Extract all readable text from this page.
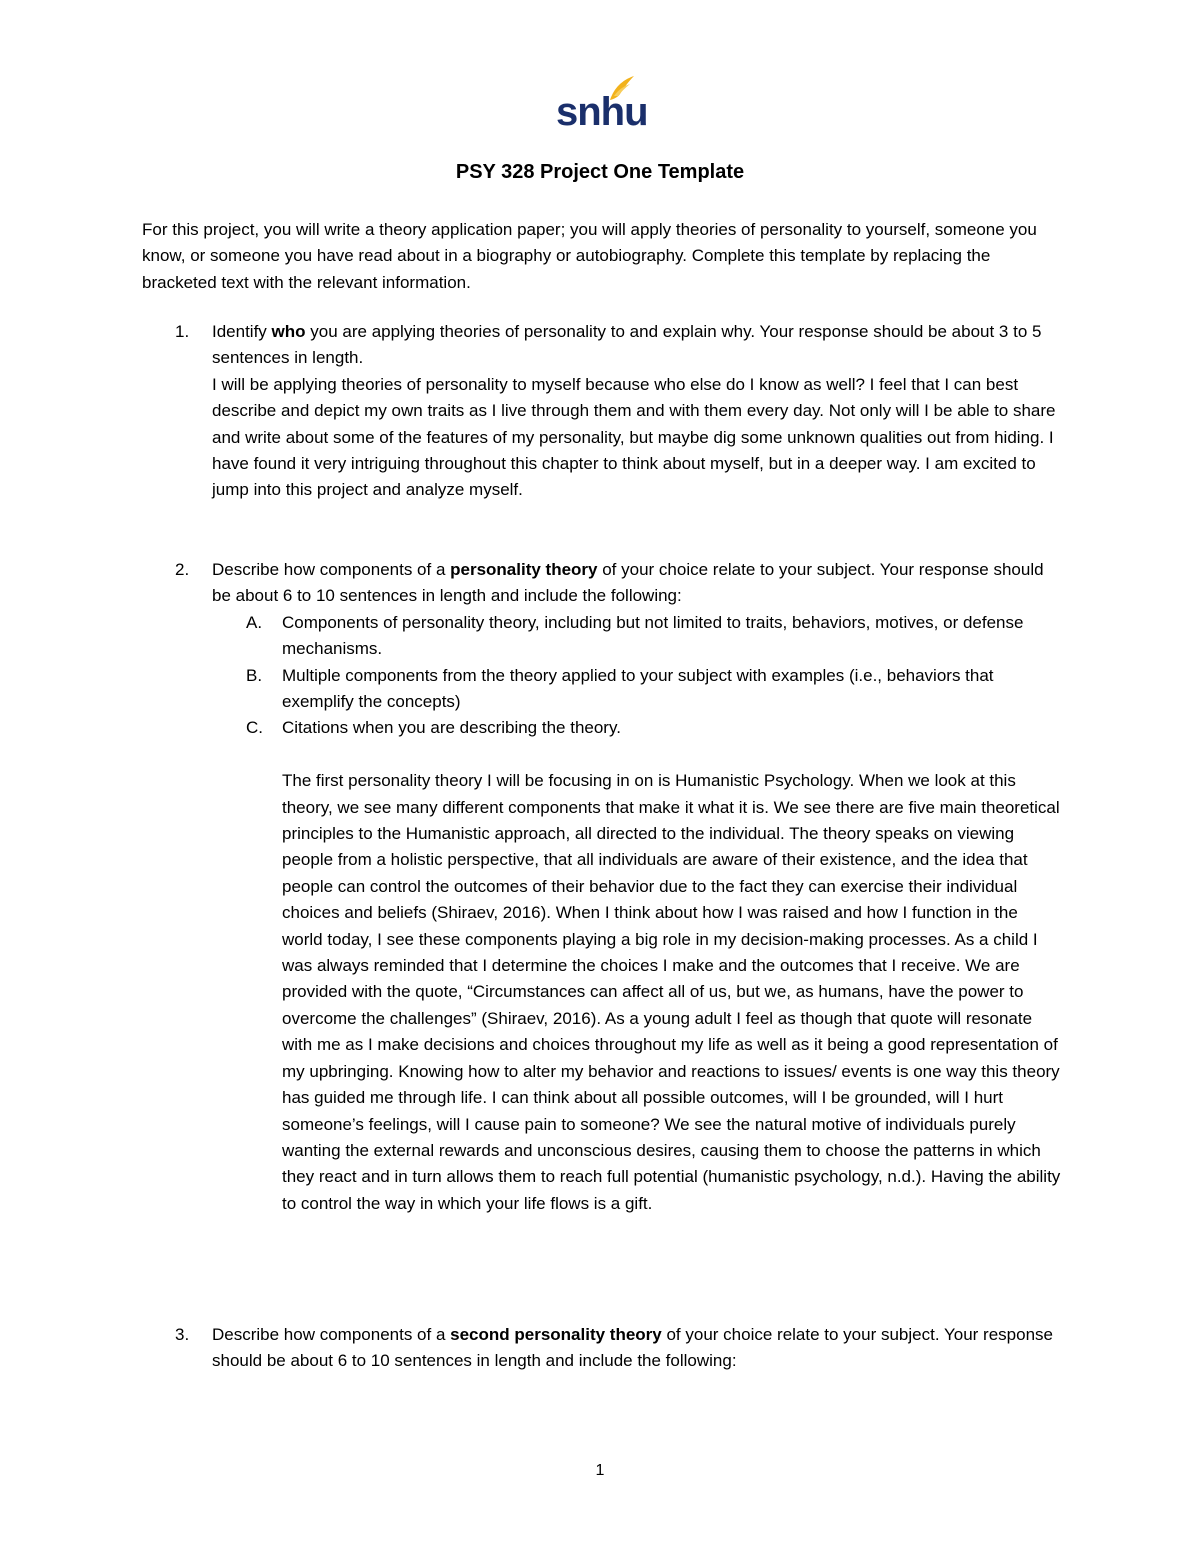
snhu
PSY 328 Project One Template
For this project, you will write a theory application paper; you will apply theories of personality to yourself, someone you know, or someone you have read about in a biography or autobiography. Complete this template by replacing the bracketed text with the relevant information.
1. Identify who you are applying theories of personality to and explain why. Your response should be about 3 to 5 sentences in length.

I will be applying theories of personality to myself because who else do I know as well? I feel that I can best describe and depict my own traits as I live through them and with them every day. Not only will I be able to share and write about some of the features of my personality, but maybe dig some unknown qualities out from hiding. I have found it very intriguing throughout this chapter to think about myself, but in a deeper way. I am excited to jump into this project and analyze myself.

2. Describe how components of a personality theory of your choice relate to your subject. Your response should be about 6 to 10 sentences in length and include the following:

A. Components of personality theory, including but not limited to traits, behaviors, motives, or defense mechanisms.

B. Multiple components from the theory applied to your subject with examples (i.e., behaviors that exemplify the concepts)

C. Citations when you are describing the theory.

The first personality theory I will be focusing in on is Humanistic Psychology. When we look at this theory, we see many different components that make it what it is. We see there are five main theoretical principles to the Humanistic approach, all directed to the individual. The theory speaks on viewing people from a holistic perspective, that all individuals are aware of their existence, and the idea that people can control the outcomes of their behavior due to the fact they can exercise their individual choices and beliefs (Shiraev, 2016). When I think about how I was raised and how I function in the world today, I see these components playing a big role in my decision-making processes. As a child I was always reminded that I determine the choices I make and the outcomes that I receive. We are provided with the quote, “Circumstances can affect all of us, but we, as humans, have the power to overcome the challenges” (Shiraev, 2016). As a young adult I feel as though that quote will resonate with me as I make decisions and choices throughout my life as well as it being a good representation of my upbringing. Knowing how to alter my behavior and reactions to issues/ events is one way this theory has guided me through life. I can think about all possible outcomes, will I be grounded, will I hurt someone’s feelings, will I cause pain to someone? We see the natural motive of individuals purely wanting the external rewards and unconscious desires, causing them to choose the patterns in which they react and in turn allows them to reach full potential (humanistic psychology, n.d.). Having the ability to control the way in which your life flows is a gift.

3. Describe how components of a second personality theory of your choice relate to your subject. Your response should be about 6 to 10 sentences in length and include the following:

1
